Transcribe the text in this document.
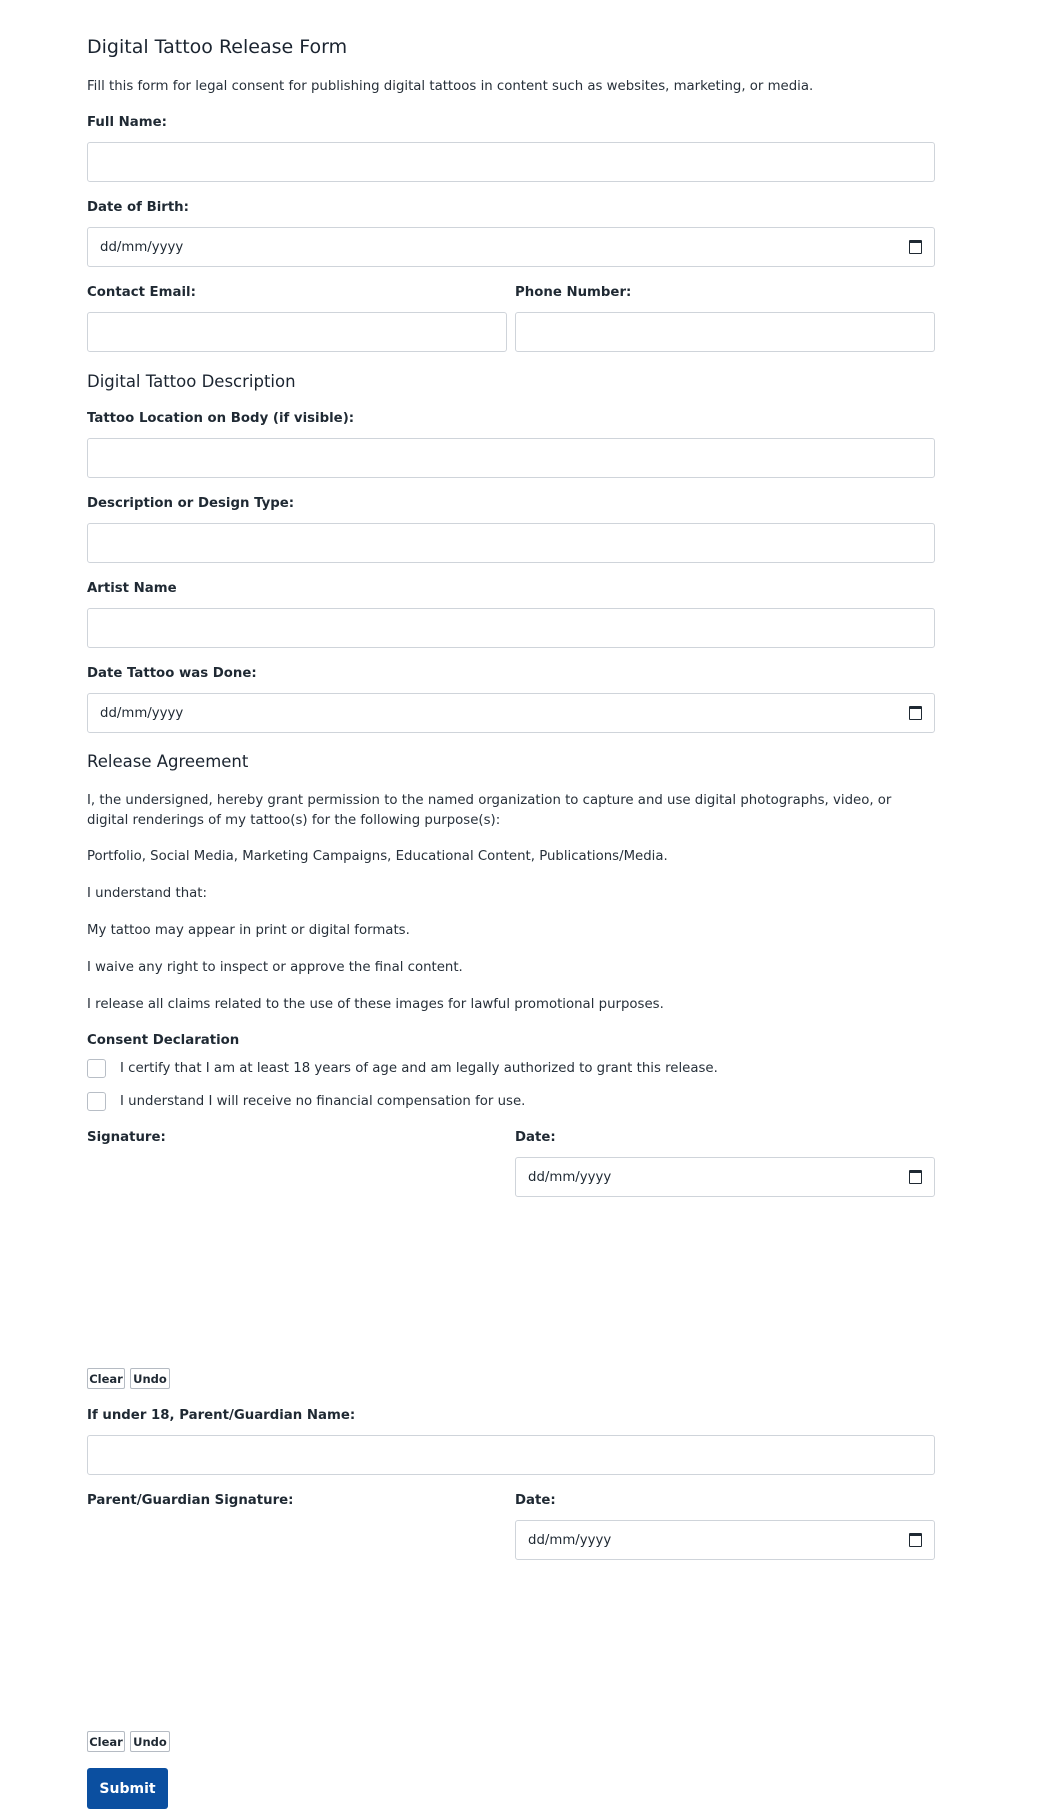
Digital Tattoo Release Form
Fill this form for legal consent for publishing digital tattoos in content such as websites, marketing, or media.
Full Name:
Date of Birth:
dd/mm/yyyy
Contact Email:	Phone Number:
Digital Tattoo Description
Tattoo Location on Body (if visible):
Description or Design Type:
Artist Name
Date Tattoo was Done:
dd/mm/yyyy
Release Agreement
I, the undersigned, hereby grant permission to the named organization to capture and use digital photographs, video, or digital renderings of my tattoo(s) for the following purpose(s):
Portfolio, Social Media, Marketing Campaigns, Educational Content, Publications/Media.
I understand that:
My tattoo may appear in print or digital formats.
I waive any right to inspect or approve the final content.
I release all claims related to the use of these images for lawful promotional purposes.
Consent Declaration
I certify that I am at least 18 years of age and am legally authorized to grant this release.
I understand I will receive no financial compensation for use.
Signature:	Date:
dd/mm/yyyy
Clear Undo
If under 18, Parent/Guardian Name:
Parent/Guardian Signature:	Date:
dd/mm/yyyy
Clear Undo
Submit
